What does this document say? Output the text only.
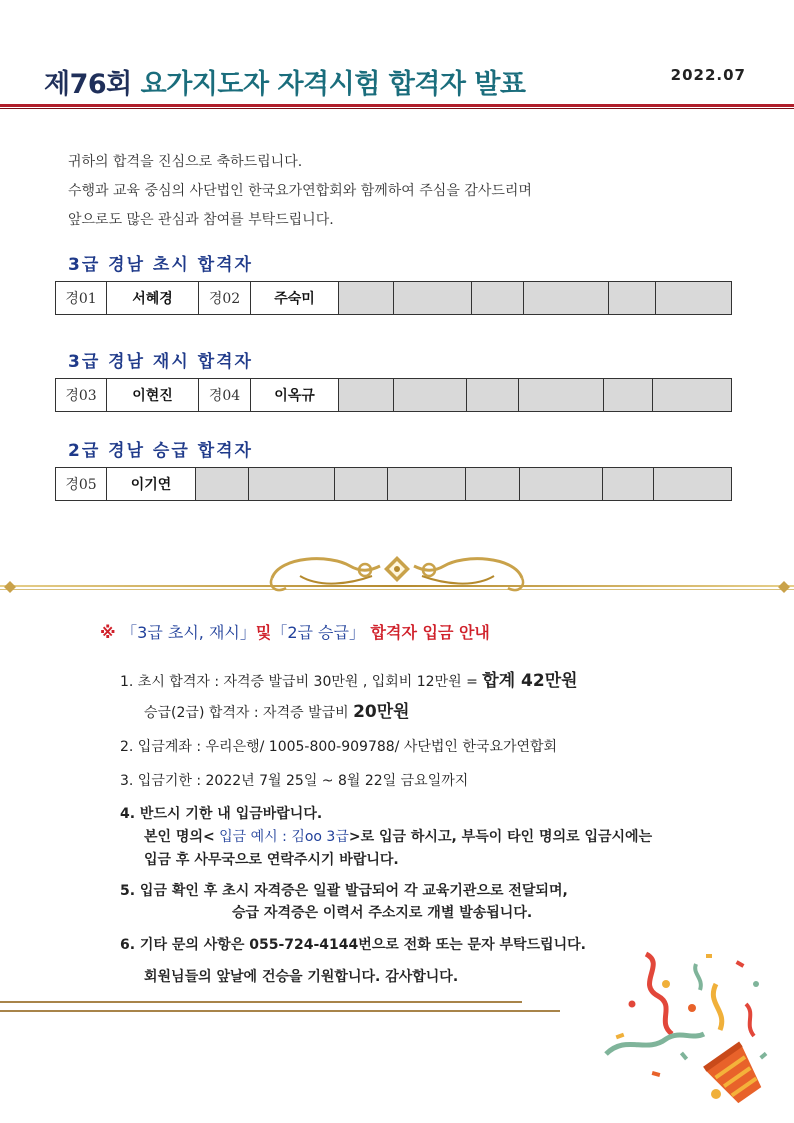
제76회 요가지도자 자격시험 합격자 발표	2022.07
귀하의 합격을 진심으로 축하드립니다.
수행과 교육 중심의 사단법인 한국요가연합회와 함께하여 주심을 감사드리며
앞으로도 많은 관심과 참여를 부탁드립니다.
3급 경남 초시 합격자
경01	서혜경	경02	주숙미						
3급 경남 재시 합격자
경03	이현진	경04	이옥규						
2급 경남 승급 합격자
경05	이기연								
※ 「3급 초시, 재시」및「2급 승급」 합격자 입금 안내
1. 초시 합격자 : 자격증 발급비 30만원 , 입회비 12만원 = 합계 42만원
승급(2급) 합격자 : 자격증 발급비 20만원
2. 입금계좌 : 우리은행/ 1005-800-909788/ 사단법인 한국요가연합회
3. 입금기한 : 2022년 7월 25일 ~ 8월 22일 금요일까지
4. 반드시 기한 내 입금바랍니다.
본인 명의< 입금 예시 : 김oo 3급>로 입금 하시고, 부득이 타인 명의로 입금시에는
입금 후 사무국으로 연락주시기 바랍니다.
5. 입금 확인 후 초시 자격증은 일괄 발급되어 각 교육기관으로 전달되며,
승급 자격증은 이력서 주소지로 개별 발송됩니다.
6. 기타 문의 사항은 055-724-4144번으로 전화 또는 문자 부탁드립니다.
회원님들의 앞날에 건승을 기원합니다. 감사합니다.
